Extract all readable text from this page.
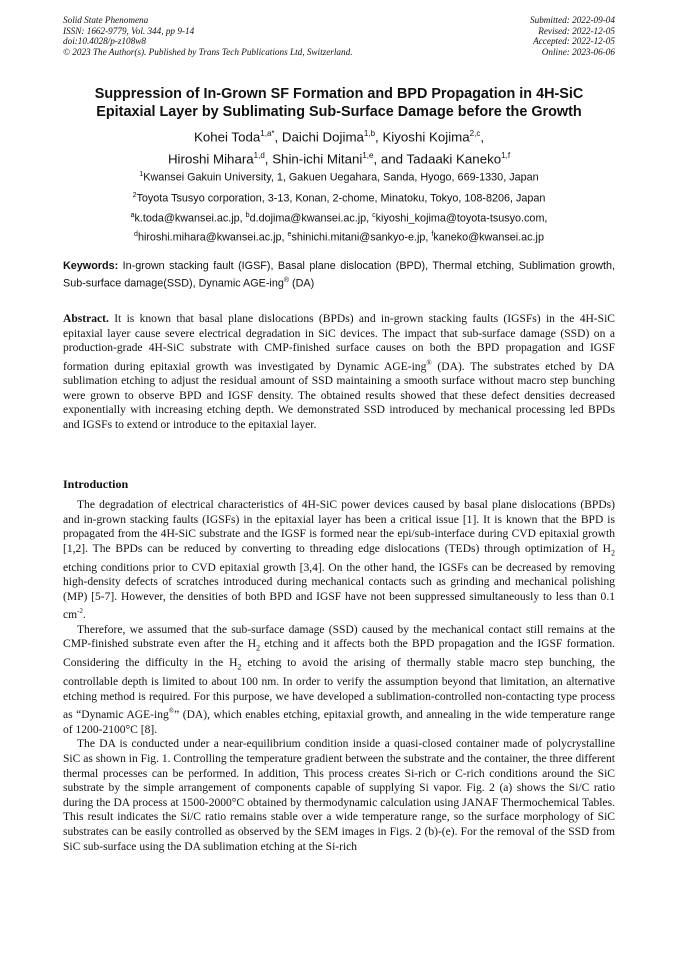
Solid State Phenomena
ISSN: 1662-9779, Vol. 344, pp 9-14
doi:10.4028/p-z108w8
© 2023 The Author(s). Published by Trans Tech Publications Ltd, Switzerland.
Submitted: 2022-09-04
Revised: 2022-12-05
Accepted: 2022-12-05
Online: 2023-06-06
Suppression of In-Grown SF Formation and BPD Propagation in 4H-SiC
Epitaxial Layer by Sublimating Sub-Surface Damage before the Growth
Kohei Toda$^{1,a*}$, Daichi Dojima$^{1,b}$, Kiyoshi Kojima$^{2,c}$,
Hiroshi Mihara$^{1,d}$, Shin-ichi Mitani$^{1,e}$, and Tadaaki Kaneko$^{1,f}$
$^1$Kwansei Gakuin University, 1, Gakuen Uegahara, Sanda, Hyogo, 669-1330, Japan
$^2$Toyota Tsusyo corporation, 3-13, Konan, 2-chome, Minatoku, Tokyo, 108-8206, Japan
$^a$k.toda@kwansei.ac.jp, $^b$d.dojima@kwansei.ac.jp, $^c$kiyoshi_kojima@toyota-tsusyo.com,
$^d$hiroshi.mihara@kwansei.ac.jp, $^e$shinichi.mitani@sankyo-e.jp, $^f$kaneko@kwansei.ac.jp
Keywords: In-grown stacking fault (IGSF), Basal plane dislocation (BPD), Thermal etching, Sublimation growth, Sub-surface damage(SSD), Dynamic AGE-ing® (DA)

Abstract. It is known that basal plane dislocations (BPDs) and in-grown stacking faults (IGSFs) in the 4H-SiC epitaxial layer cause severe electrical degradation in SiC devices. The impact that sub-surface damage (SSD) on a production-grade 4H-SiC substrate with CMP-finished surface causes on both the BPD propagation and IGSF formation during epitaxial growth was investigated by Dynamic AGE-ing® (DA). The substrates etched by DA sublimation etching to adjust the residual amount of SSD maintaining a smooth surface without macro step bunching were grown to observe BPD and IGSF density. The obtained results showed that these defect densities decreased exponentially with increasing etching depth. We demonstrated SSD introduced by mechanical processing led BPDs and IGSFs to extend or introduce to the epitaxial layer.

Introduction

The degradation of electrical characteristics of 4H-SiC power devices caused by basal plane dislocations (BPDs) and in-grown stacking faults (IGSFs) in the epitaxial layer has been a critical issue [1]. It is known that the BPD is propagated from the 4H-SiC substrate and the IGSF is formed near the epi/sub-interface during CVD epitaxial growth [1,2]. The BPDs can be reduced by converting to threading edge dislocations (TEDs) through optimization of $H_2$ etching conditions prior to CVD epitaxial growth [3,4]. On the other hand, the IGSFs can be decreased by removing high-density defects of scratches introduced during mechanical contacts such as grinding and mechanical polishing (MP) [5-7]. However, the densities of both BPD and IGSF have not been suppressed simultaneously to less than 0.1 $cm^{-2}$.

Therefore, we assumed that the sub-surface damage (SSD) caused by the mechanical contact still remains at the CMP-finished substrate even after the $H_2$ etching and it affects both the BPD propagation and the IGSF formation. Considering the difficulty in the $H_2$ etching to avoid the arising of thermally stable macro step bunching, the controllable depth is limited to about 100 nm. In order to verify the assumption beyond that limitation, an alternative etching method is required. For this purpose, we have developed a sublimation-controlled non-contacting type process as “Dynamic AGE-ing®” (DA), which enables etching, epitaxial growth, and annealing in the wide temperature range of 1200-2100°C [8].

The DA is conducted under a near-equilibrium condition inside a quasi-closed container made of polycrystalline SiC as shown in Fig. 1. Controlling the temperature gradient between the substrate and the container, the three different thermal processes can be performed. In addition, This process creates Si-rich or C-rich conditions around the SiC substrate by the simple arrangement of components capable of supplying Si vapor. Fig. 2 (a) shows the Si/C ratio during the DA process at 1500-2000°C obtained by thermodynamic calculation using JANAF Thermochemical Tables. This result indicates the Si/C ratio remains stable over a wide temperature range, so the surface morphology of SiC substrates can be easily controlled as observed by the SEM images in Figs. 2 (b)-(e). For the removal of the SSD from SiC sub-surface using the DA sublimation etching at the Si-rich
